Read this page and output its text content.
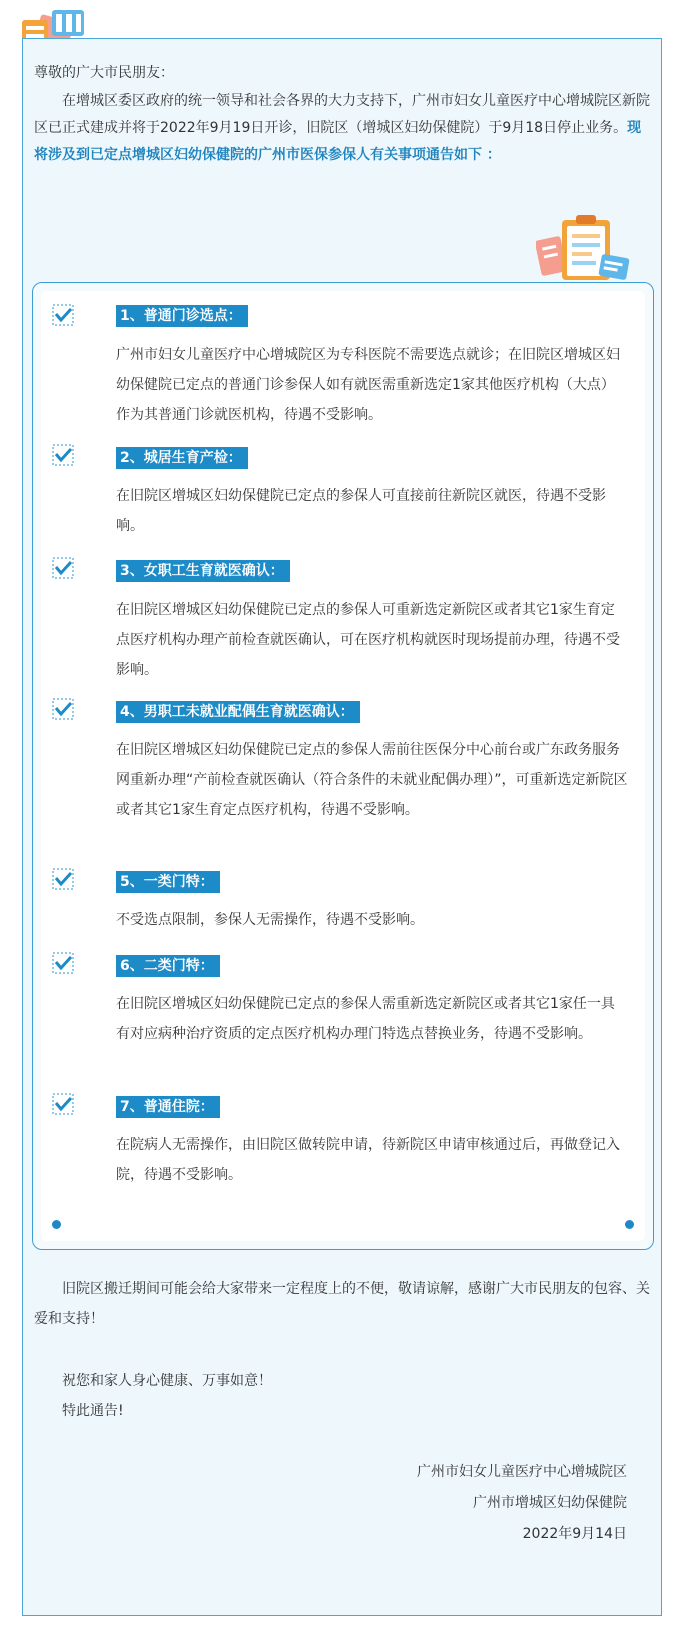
尊敬的广大市民朋友：

在增城区委区政府的统一领导和社会各界的大力支持下，广州市妇女儿童医疗中心增城院区新院区已正式建成并将于2022年9月19日开诊，旧院区（增城区妇幼保健院）于9月18日停止业务。现将涉及到已定点增城区妇幼保健院的广州市医保参保人有关事项通告如下 ：

1、普通门诊选点：

广州市妇女儿童医疗中心增城院区为专科医院不需要选点就诊；在旧院区增城区妇幼保健院已定点的普通门诊参保人如有就医需重新选定1家其他医疗机构（大点）作为其普通门诊就医机构，待遇不受影响。

2、城居生育产检：

在旧院区增城区妇幼保健院已定点的参保人可直接前往新院区就医，待遇不受影响。

3、女职工生育就医确认：

在旧院区增城区妇幼保健院已定点的参保人可重新选定新院区或者其它1家生育定点医疗机构办理产前检查就医确认，可在医疗机构就医时现场提前办理，待遇不受影响。

4、男职工未就业配偶生育就医确认：

在旧院区增城区妇幼保健院已定点的参保人需前往医保分中心前台或广东政务服务网重新办理“产前检查就医确认（符合条件的未就业配偶办理）”，可重新选定新院区或者其它1家生育定点医疗机构，待遇不受影响。

5、一类门特：

不受选点限制，参保人无需操作，待遇不受影响。

6、二类门特：

在旧院区增城区妇幼保健院已定点的参保人需重新选定新院区或者其它1家任一具有对应病种治疗资质的定点医疗机构办理门特选点替换业务，待遇不受影响。

7、普通住院：

在院病人无需操作，由旧院区做转院申请，待新院区申请审核通过后，再做登记入院，待遇不受影响。

旧院区搬迁期间可能会给大家带来一定程度上的不便，敬请谅解，感谢广大市民朋友的包容、关爱和支持！

祝您和家人身心健康、万事如意！

特此通告!

广州市妇女儿童医疗中心增城院区
广州市增城区妇幼保健院
2022年9月14日
